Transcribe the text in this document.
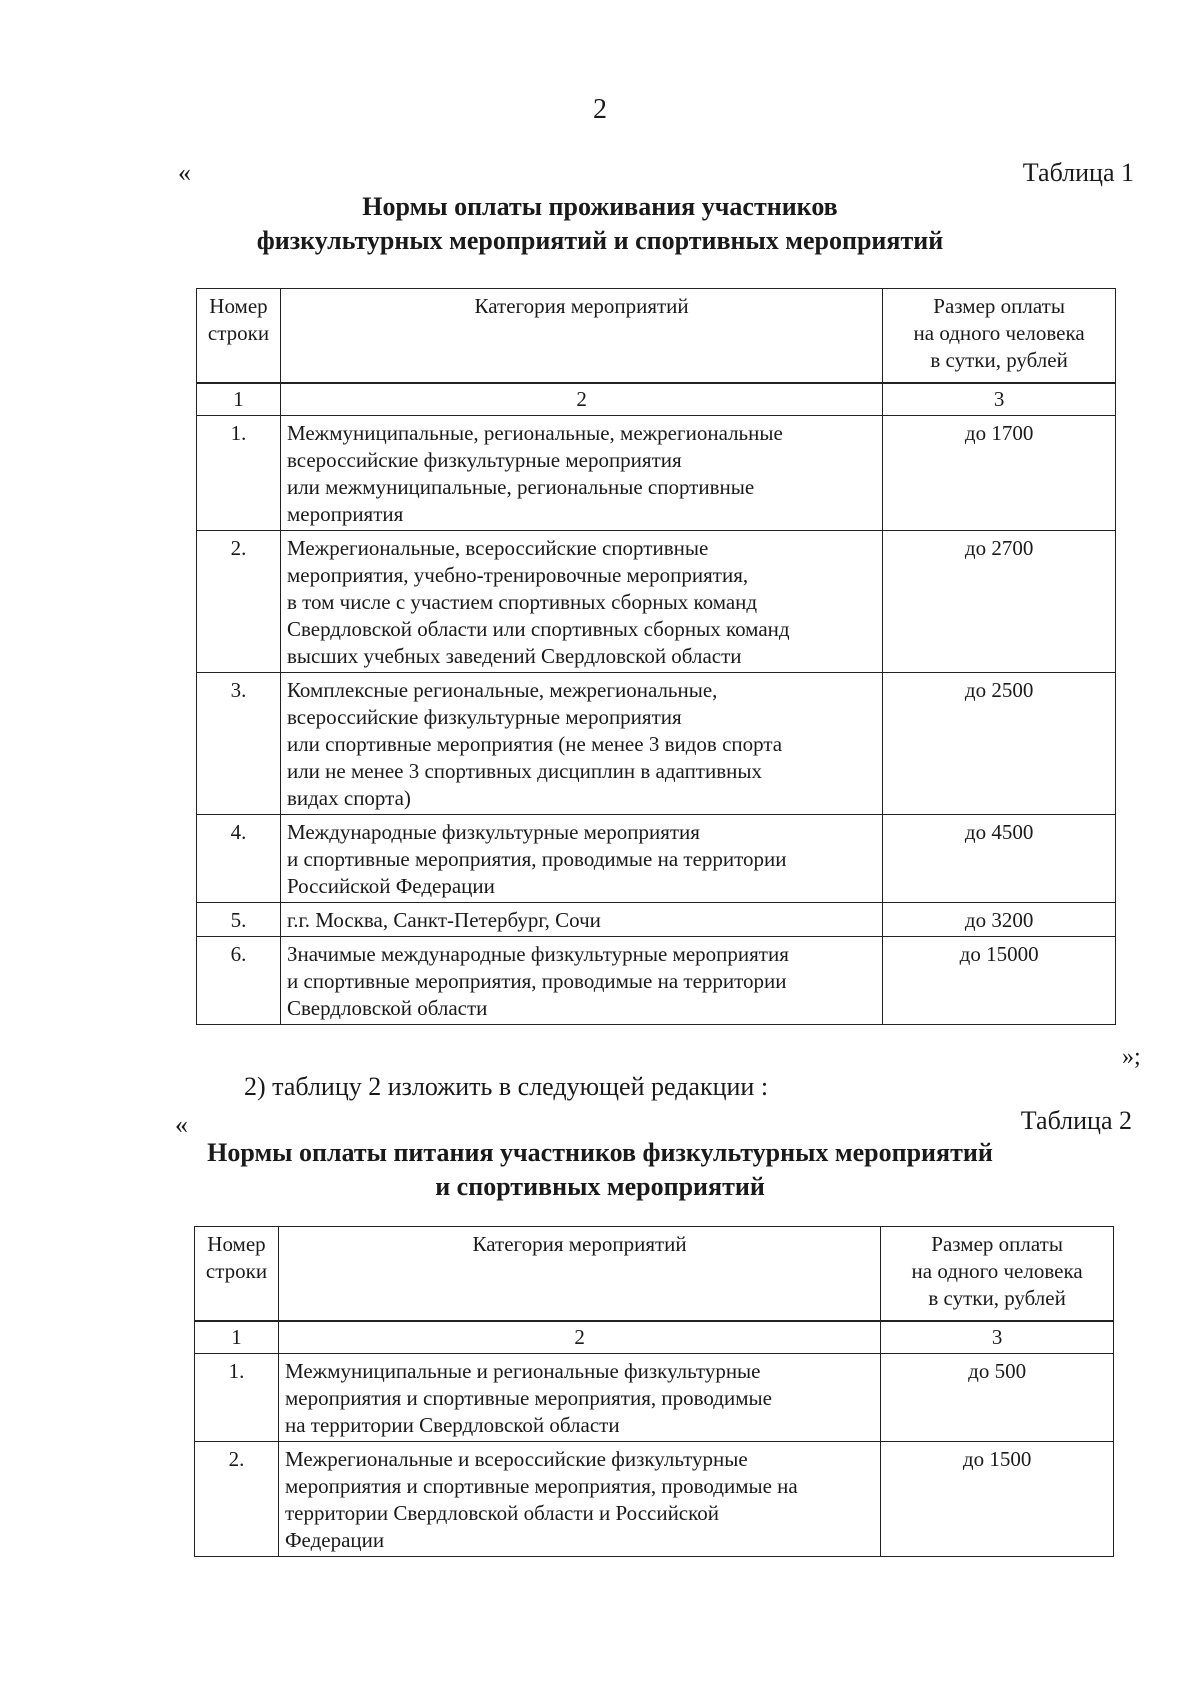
2
«	Таблица 1
Нормы оплаты проживания участников
физкультурных мероприятий и спортивных мероприятий
Номер
строки	Категория мероприятий	Размер оплаты
на одного человека
в сутки, рублей

1	2	3
1.	Межмуниципальные, региональные, межрегиональные
всероссийские физкультурные мероприятия
или межмуниципальные, региональные спортивные
мероприятия	до 1700
2.	Межрегиональные, всероссийские спортивные
мероприятия, учебно-тренировочные мероприятия,
в том числе с участием спортивных сборных команд
Свердловской области или спортивных сборных команд
высших учебных заведений Свердловской области	до 2700
3.	Комплексные региональные, межрегиональные,
всероссийские физкультурные мероприятия
или спортивные мероприятия (не менее 3 видов спорта
или не менее 3 спортивных дисциплин в адаптивных
видах спорта)	до 2500
4.	Международные физкультурные мероприятия
и спортивные мероприятия, проводимые на территории
Российской Федерации	до 4500
5.	г.г. Москва, Санкт-Петербург, Сочи	до 3200
6.	Значимые международные физкультурные мероприятия
и спортивные мероприятия, проводимые на территории
Свердловской области	до 15000
»;
2) таблицу 2 изложить в следующей редакции :
«	Таблица 2
Нормы оплаты питания участников физкультурных мероприятий
и спортивных мероприятий
Номер
строки	Категория мероприятий	Размер оплаты
на одного человека
в сутки, рублей

1	2	3
1.	Межмуниципальные и региональные физкультурные
мероприятия и спортивные мероприятия, проводимые
на территории Свердловской области	до 500
2.	Межрегиональные и всероссийские физкультурные
мероприятия и спортивные мероприятия, проводимые на
территории Свердловской области и Российской
Федерации	до 1500
